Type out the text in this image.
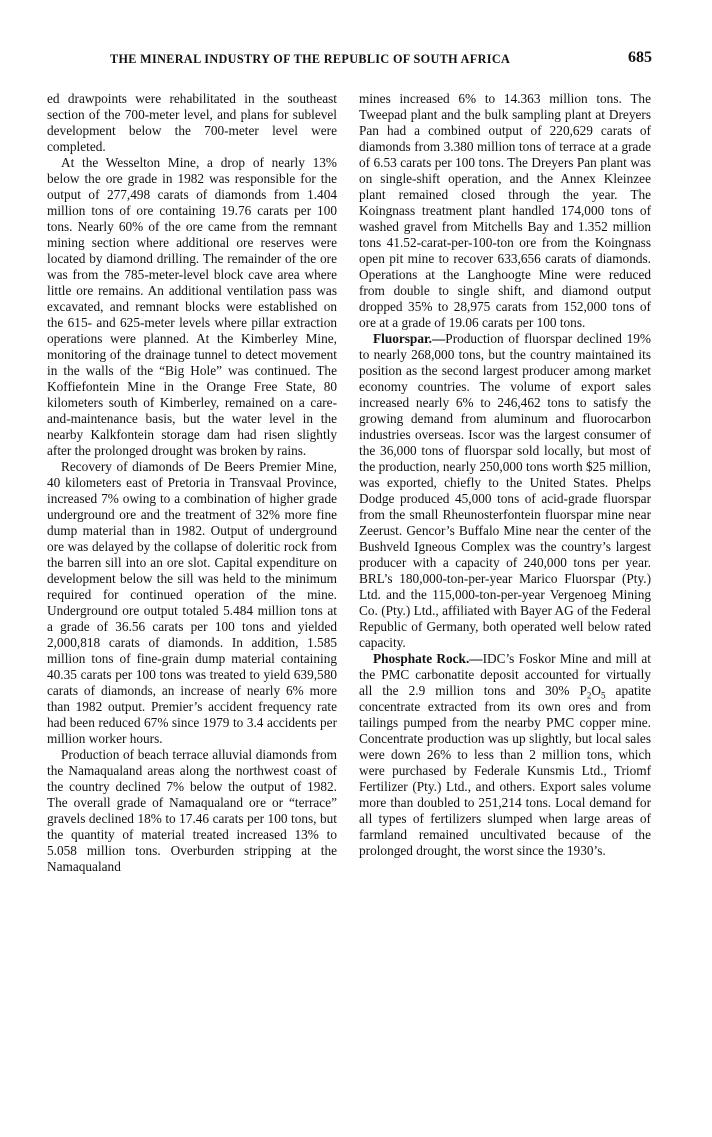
THE MINERAL INDUSTRY OF THE REPUBLIC OF SOUTH AFRICA	685

ed drawpoints were rehabilitated in the southeast section of the 700-meter level, and plans for sublevel development below the 700-meter level were completed.

At the Wesselton Mine, a drop of nearly 13% below the ore grade in 1982 was responsible for the output of 277,498 carats of diamonds from 1.404 million tons of ore containing 19.76 carats per 100 tons. Nearly 60% of the ore came from the remnant mining section where additional ore reserves were located by diamond drilling. The remainder of the ore was from the 785-meter-level block cave area where little ore remains. An additional ventilation pass was excavated, and remnant blocks were established on the 615- and 625-meter levels where pillar extraction operations were planned. At the Kimberley Mine, monitoring of the drainage tunnel to detect movement in the walls of the “Big Hole” was continued. The Koffiefontein Mine in the Orange Free State, 80 kilometers south of Kimberley, remained on a care-and-maintenance basis, but the water level in the nearby Kalkfontein storage dam had risen slightly after the prolonged drought was broken by rains.

Recovery of diamonds of De Beers Premier Mine, 40 kilometers east of Pretoria in Transvaal Province, increased 7% owing to a combination of higher grade underground ore and the treatment of 32% more fine dump material than in 1982. Output of underground ore was delayed by the collapse of doleritic rock from the barren sill into an ore slot. Capital expenditure on development below the sill was held to the minimum required for continued operation of the mine. Underground ore output totaled 5.484 million tons at a grade of 36.56 carats per 100 tons and yielded 2,000,818 carats of diamonds. In addition, 1.585 million tons of fine-grain dump material containing 40.35 carats per 100 tons was treated to yield 639,580 carats of diamonds, an increase of nearly 6% more than 1982 output. Premier’s accident frequency rate had been reduced 67% since 1979 to 3.4 accidents per million worker hours.

Production of beach terrace alluvial diamonds from the Namaqualand areas along the northwest coast of the country declined 7% below the output of 1982. The overall grade of Namaqualand ore or “terrace” gravels declined 18% to 17.46 carats per 100 tons, but the quantity of material treated increased 13% to 5.058 million tons. Overburden stripping at the Namaqualand

mines increased 6% to 14.363 million tons. The Tweepad plant and the bulk sampling plant at Dreyers Pan had a combined output of 220,629 carats of diamonds from 3.380 million tons of terrace at a grade of 6.53 carats per 100 tons. The Dreyers Pan plant was on single-shift operation, and the Annex Kleinzee plant remained closed through the year. The Koingnass treatment plant handled 174,000 tons of washed gravel from Mitchells Bay and 1.352 million tons 41.52-carat-per-100-ton ore from the Koingnass open pit mine to recover 633,656 carats of diamonds. Operations at the Langhoogte Mine were reduced from double to single shift, and diamond output dropped 35% to 28,975 carats from 152,000 tons of ore at a grade of 19.06 carats per 100 tons.

Fluorspar.—Production of fluorspar declined 19% to nearly 268,000 tons, but the country maintained its position as the second largest producer among market economy countries. The volume of export sales increased nearly 6% to 246,462 tons to satisfy the growing demand from aluminum and fluorocarbon industries overseas. Iscor was the largest consumer of the 36,000 tons of fluorspar sold locally, but most of the production, nearly 250,000 tons worth $25 million, was exported, chiefly to the United States. Phelps Dodge produced 45,000 tons of acid-grade fluorspar from the small Rheunosterfontein fluorspar mine near Zeerust. Gencor’s Buffalo Mine near the center of the Bushveld Igneous Complex was the country’s largest producer with a capacity of 240,000 tons per year. BRL’s 180,000-ton-per-year Marico Fluorspar (Pty.) Ltd. and the 115,000-ton-per-year Vergenoeg Mining Co. (Pty.) Ltd., affiliated with Bayer AG of the Federal Republic of Germany, both operated well below rated capacity.

Phosphate Rock.—IDC’s Foskor Mine and mill at the PMC carbonatite deposit accounted for virtually all the 2.9 million tons and 30% $P_2O_5$ apatite concentrate extracted from its own ores and from tailings pumped from the nearby PMC copper mine. Concentrate production was up slightly, but local sales were down 26% to less than 2 million tons, which were purchased by Federale Kunsmis Ltd., Triomf Fertilizer (Pty.) Ltd., and others. Export sales volume more than doubled to 251,214 tons. Local demand for all types of fertilizers slumped when large areas of farmland remained uncultivated because of the prolonged drought, the worst since the 1930’s.
